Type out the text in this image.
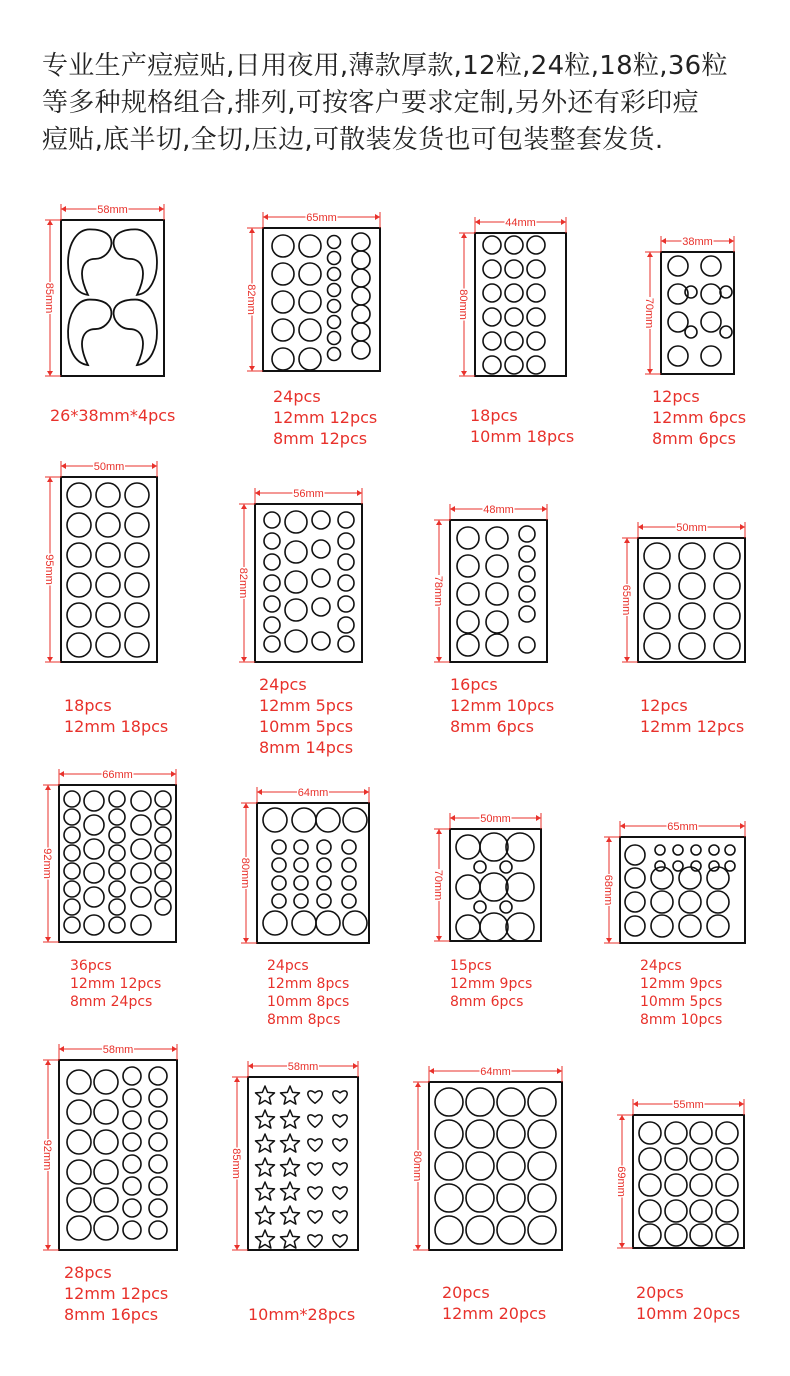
专业生产痘痘贴,日用夜用,薄款厚款,12粒,24粒,18粒,36粒
等多种规格组合,排列,可按客户要求定制,另外还有彩印痘
痘贴,底半切,全切,压边,可散装发货也可包装整套发货.
58mm
85mm
65mm
82mm
44mm
80mm
38mm
70mm
50mm
95mm
56mm
82mm
48mm
78mm
50mm
65mm
66mm
92mm
64mm
80mm
50mm
70mm
65mm
68mm
58mm
92mm
58mm
85mm
64mm
80mm
55mm
69mm
26*38mm*4pcs
24pcs
12mm 12pcs
8mm 12pcs
18pcs
10mm 18pcs
12pcs
12mm 6pcs
8mm 6pcs
18pcs
12mm 18pcs
24pcs
12mm 5pcs
10mm 5pcs
8mm 14pcs
16pcs
12mm 10pcs
8mm 6pcs
12pcs
12mm 12pcs
36pcs
12mm 12pcs
8mm 24pcs
24pcs
12mm 8pcs
10mm 8pcs
8mm 8pcs
15pcs
12mm 9pcs
8mm 6pcs
24pcs
12mm 9pcs
10mm 5pcs
8mm 10pcs
28pcs
12mm 12pcs
8mm 16pcs	10mm*28pcs
20pcs
12mm 20pcs
20pcs
10mm 20pcs
